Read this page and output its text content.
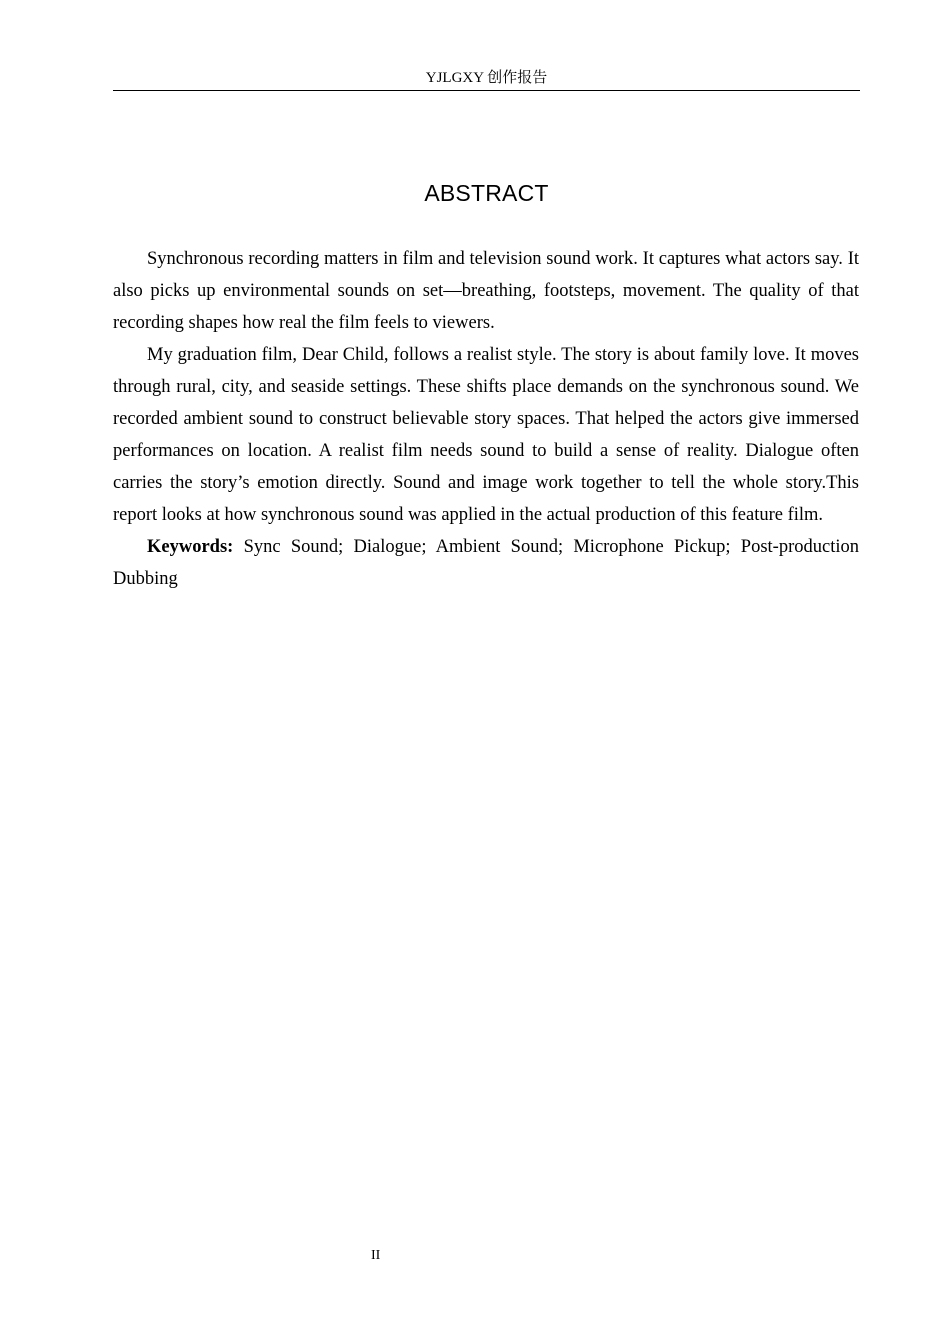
YJLGXY 创作报告
ABSTRACT

Synchronous recording matters in film and television sound work. It captures what actors say. It also picks up environmental sounds on set—breathing, footsteps, movement. The quality of that recording shapes how real the film feels to viewers.

My graduation film, Dear Child, follows a realist style. The story is about family love. It moves through rural, city, and seaside settings. These shifts place demands on the synchronous sound. We recorded ambient sound to construct believable story spaces. That helped the actors give immersed performances on location. A realist film needs sound to build a sense of reality. Dialogue often carries the story’s emotion directly. Sound and image work together to tell the whole story.This report looks at how synchronous sound was applied in the actual production of this feature film.

Keywords: Sync Sound; Dialogue; Ambient Sound; Microphone Pickup; Post-production Dubbing

II
